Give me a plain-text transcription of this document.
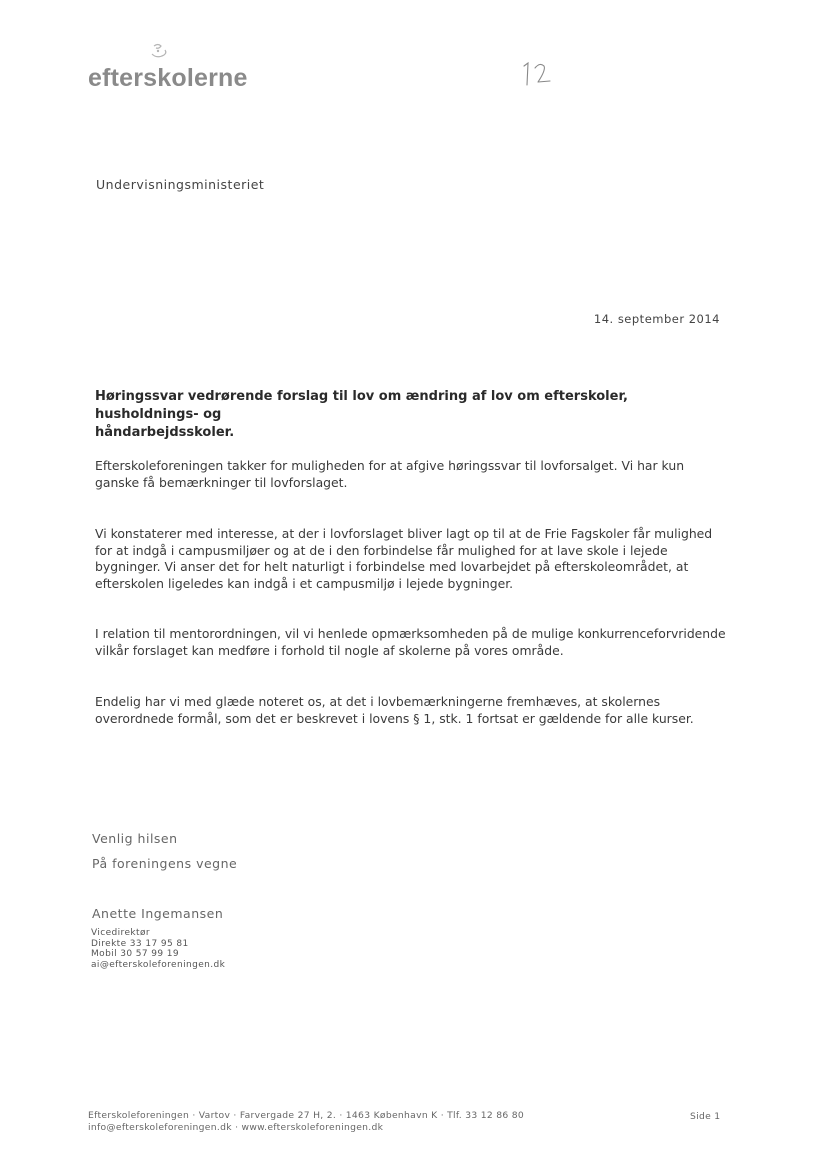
efterskolerne
Undervisningsministeriet
14. september 2014
Høringssvar vedrørende forslag til lov om ændring af lov om efterskoler, husholdnings- og
håndarbejdsskoler.
Efterskoleforeningen takker for muligheden for at afgive høringssvar til lovforsalget. Vi har kun
ganske få bemærkninger til lovforslaget.
Vi konstaterer med interesse, at der i lovforslaget bliver lagt op til at de Frie Fagskoler får mulighed
for at indgå i campusmiljøer og at de i den forbindelse får mulighed for at lave skole i lejede
bygninger. Vi anser det for helt naturligt i forbindelse med lovarbejdet på efterskoleområdet, at
efterskolen ligeledes kan indgå i et campusmiljø i lejede bygninger.
I relation til mentorordningen, vil vi henlede opmærksomheden på de mulige konkurrenceforvridende
vilkår forslaget kan medføre i forhold til nogle af skolerne på vores område.
Endelig har vi med glæde noteret os, at det i lovbemærkningerne fremhæves, at skolernes
overordnede formål, som det er beskrevet i lovens § 1, stk. 1 fortsat er gældende for alle kurser.
Venlig hilsen
På foreningens vegne
Anette Ingemansen
Vicedirektør
Direkte 33 17 95 81
Mobil 30 57 99 19
ai@efterskoleforeningen.dk
Efterskoleforeningen · Vartov · Farvergade 27 H, 2. · 1463 København K · Tlf. 33 12 86 80
info@efterskoleforeningen.dk · www.efterskoleforeningen.dk
Side 1
